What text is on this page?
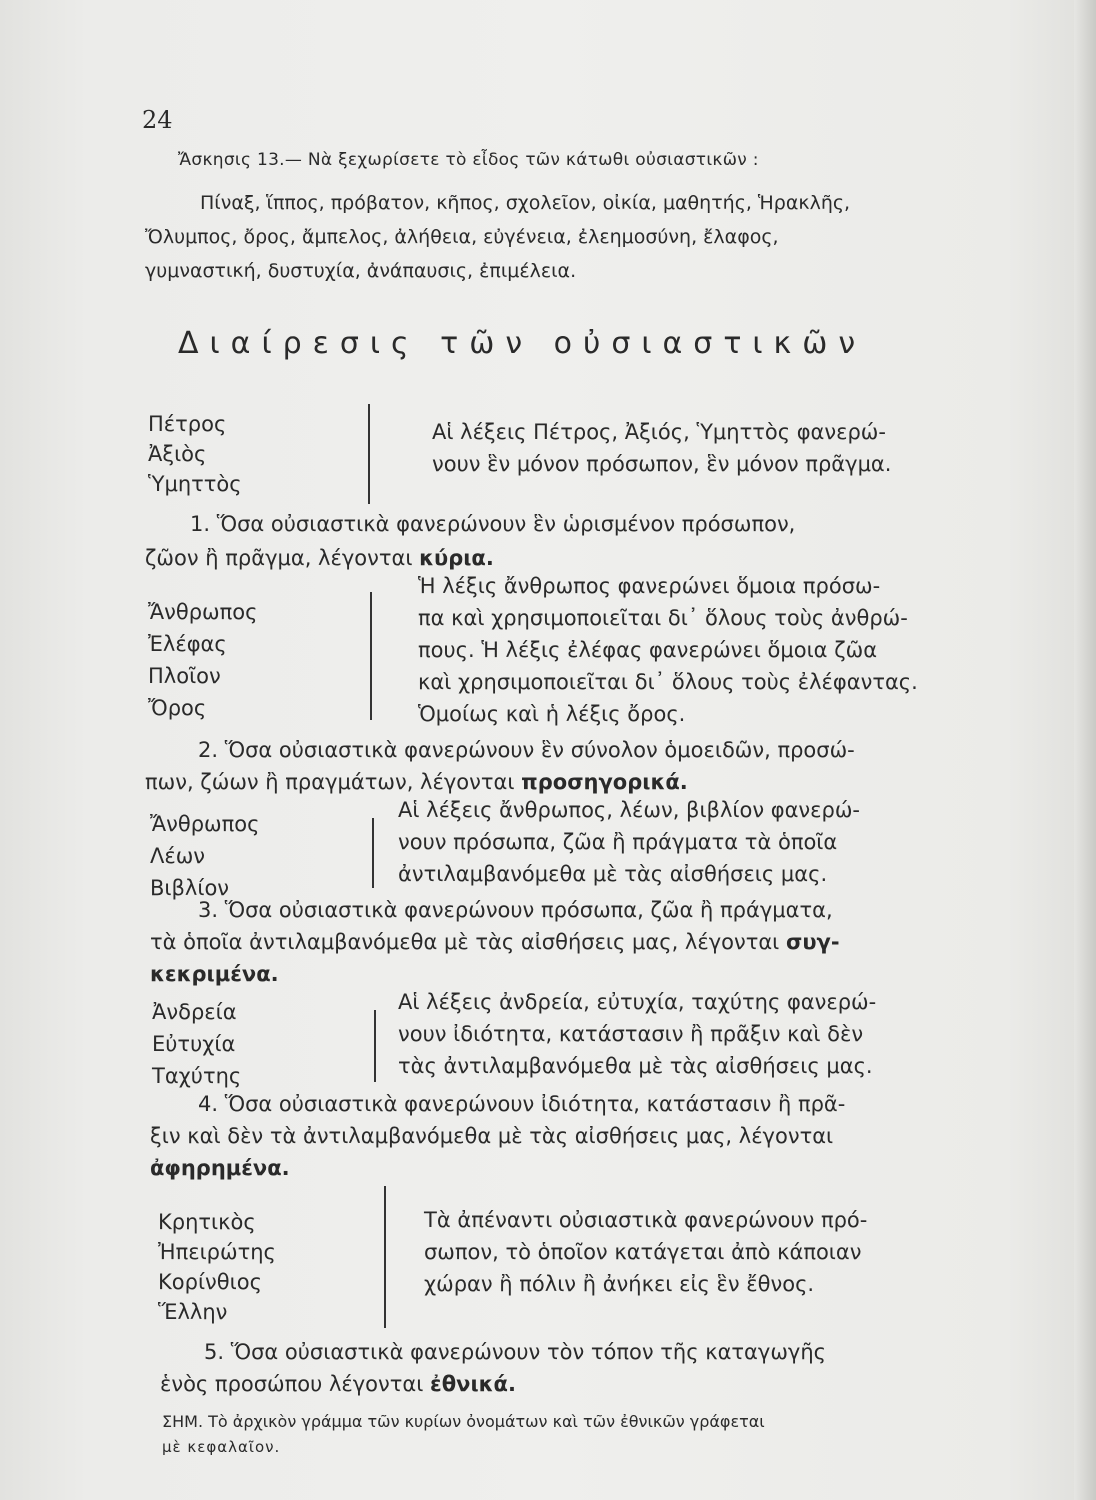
24
Ἄσκησις 13.— Νὰ ξεχωρίσετε τὸ εἶδος τῶν κάτωθι οὐσιαστικῶν :
Πίναξ, ἵππος, πρόβατον, κῆπος, σχολεῖον, οἰκία, μαθητής, Ἡρακλῆς,
Ὄλυμπος, ὄρος, ἄμπελος, ἀλήθεια, εὐγένεια, ἐλεημοσύνη, ἔλαφος,
γυμναστική, δυστυχία, ἀνάπαυσις, ἐπιμέλεια.
Διαίρεσις τῶν οὐσιαστικῶν
Πέτρος
Ἀξιὸς
Ὑμηττὸς
Αἱ λέξεις Πέτρος, Ἀξιός, Ὑμηττὸς φανερώ-
νουν ἓν μόνον πρόσωπον, ἓν μόνον πρᾶγμα.
1. Ὅσα οὐσιαστικὰ φανερώνουν ἓν ὡρισμένον πρόσωπον,
ζῶον ἢ πρᾶγμα, λέγονται κύρια.
Ἄνθρωπος
Ἐλέφας
Πλοῖον
Ὄρος
Ἡ λέξις ἄνθρωπος φανερώνει ὅμοια πρόσω-
πα καὶ χρησιμοποιεῖται δι᾽ ὅλους τοὺς ἀνθρώ-
πους. Ἡ λέξις ἐλέφας φανερώνει ὅμοια ζῶα
καὶ χρησιμοποιεῖται δι᾽ ὅλους τοὺς ἐλέφαντας.
Ὁμοίως καὶ ἡ λέξις ὄρος.
2. Ὅσα οὐσιαστικὰ φανερώνουν ἓν σύνολον ὁμοειδῶν, προσώ-
πων, ζώων ἢ πραγμάτων, λέγονται προσηγορικά.
Ἄνθρωπος
Λέων
Βιβλίον
Αἱ λέξεις ἄνθρωπος, λέων, βιβλίον φανερώ-
νουν πρόσωπα, ζῶα ἢ πράγματα τὰ ὁποῖα
ἀντιλαμβανόμεθα μὲ τὰς αἰσθήσεις μας.
3. Ὅσα οὐσιαστικὰ φανερώνουν πρόσωπα, ζῶα ἢ πράγματα,
τὰ ὁποῖα ἀντιλαμβανόμεθα μὲ τὰς αἰσθήσεις μας, λέγονται συγ-
κεκριμένα.
Ἀνδρεία
Εὐτυχία
Ταχύτης
Αἱ λέξεις ἀνδρεία, εὐτυχία, ταχύτης φανερώ-
νουν ἰδιότητα, κατάστασιν ἢ πρᾶξιν καὶ δὲν
τὰς ἀντιλαμβανόμεθα μὲ τὰς αἰσθήσεις μας.
4. Ὅσα οὐσιαστικὰ φανερώνουν ἰδιότητα, κατάστασιν ἢ πρᾶ-
ξιν καὶ δὲν τὰ ἀντιλαμβανόμεθα μὲ τὰς αἰσθήσεις μας, λέγονται
ἀφηρημένα.
Κρητικὸς
Ἠπειρώτης
Κορίνθιος
Ἕλλην
Τὰ ἀπέναντι οὐσιαστικὰ φανερώνουν πρό-
σωπον, τὸ ὁποῖον κατάγεται ἀπὸ κάποιαν
χώραν ἢ πόλιν ἢ ἀνήκει εἰς ἓν ἔθνος.
5. Ὅσα οὐσιαστικὰ φανερώνουν τὸν τόπον τῆς καταγωγῆς
ἑνὸς προσώπου λέγονται ἐθνικά.
ΣΗΜ. Τὸ ἀρχικὸν γράμμα τῶν κυρίων ὀνομάτων καὶ τῶν ἐθνικῶν γράφεται
μὲ κεφαλαῖον.
